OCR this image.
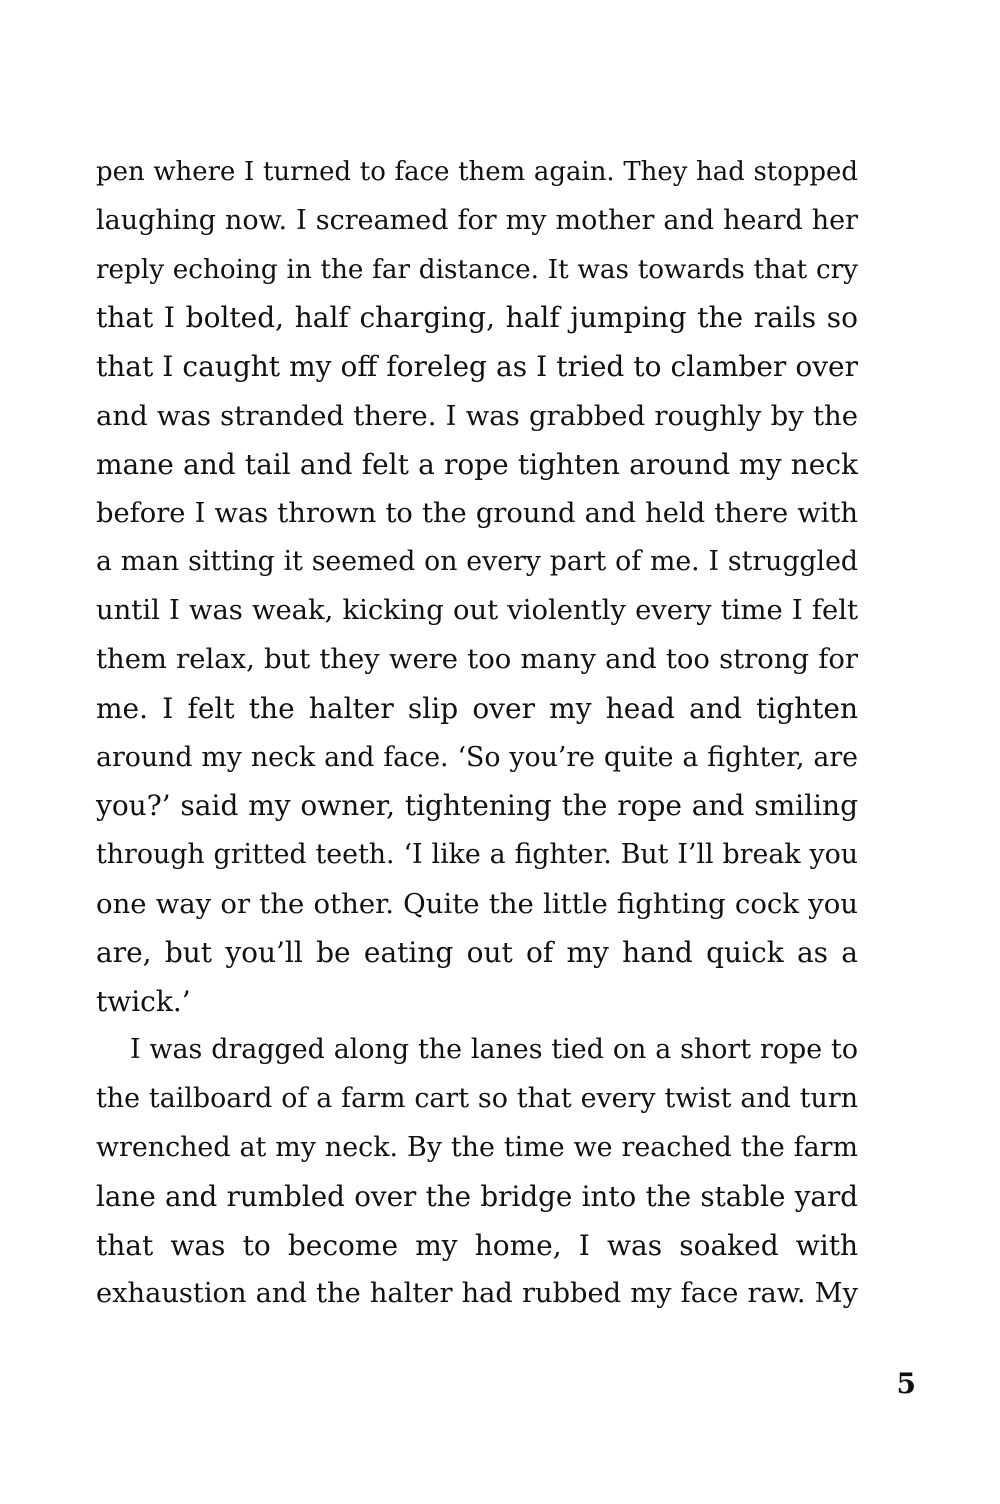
pen where I turned to face them again. They had stopped
laughing now. I screamed for my mother and heard her
reply echoing in the far distance. It was towards that cry
that I bolted, half charging, half jumping the rails so
that I caught my off foreleg as I tried to clamber over
and was stranded there. I was grabbed roughly by the
mane and tail and felt a rope tighten around my neck
before I was thrown to the ground and held there with
a man sitting it seemed on every part of me. I struggled
until I was weak, kicking out violently every time I felt
them relax, but they were too many and too strong for
me. I felt the halter slip over my head and tighten
around my neck and face. ‘So you’re quite a fighter, are
you?’ said my owner, tightening the rope and smiling
through gritted teeth. ‘I like a fighter. But I’ll break you
one way or the other. Quite the little fighting cock you
are, but you’ll be eating out of my hand quick as a
twick.’
I was dragged along the lanes tied on a short rope to
the tailboard of a farm cart so that every twist and turn
wrenched at my neck. By the time we reached the farm
lane and rumbled over the bridge into the stable yard
that was to become my home, I was soaked with
exhaustion and the halter had rubbed my face raw. My
5
